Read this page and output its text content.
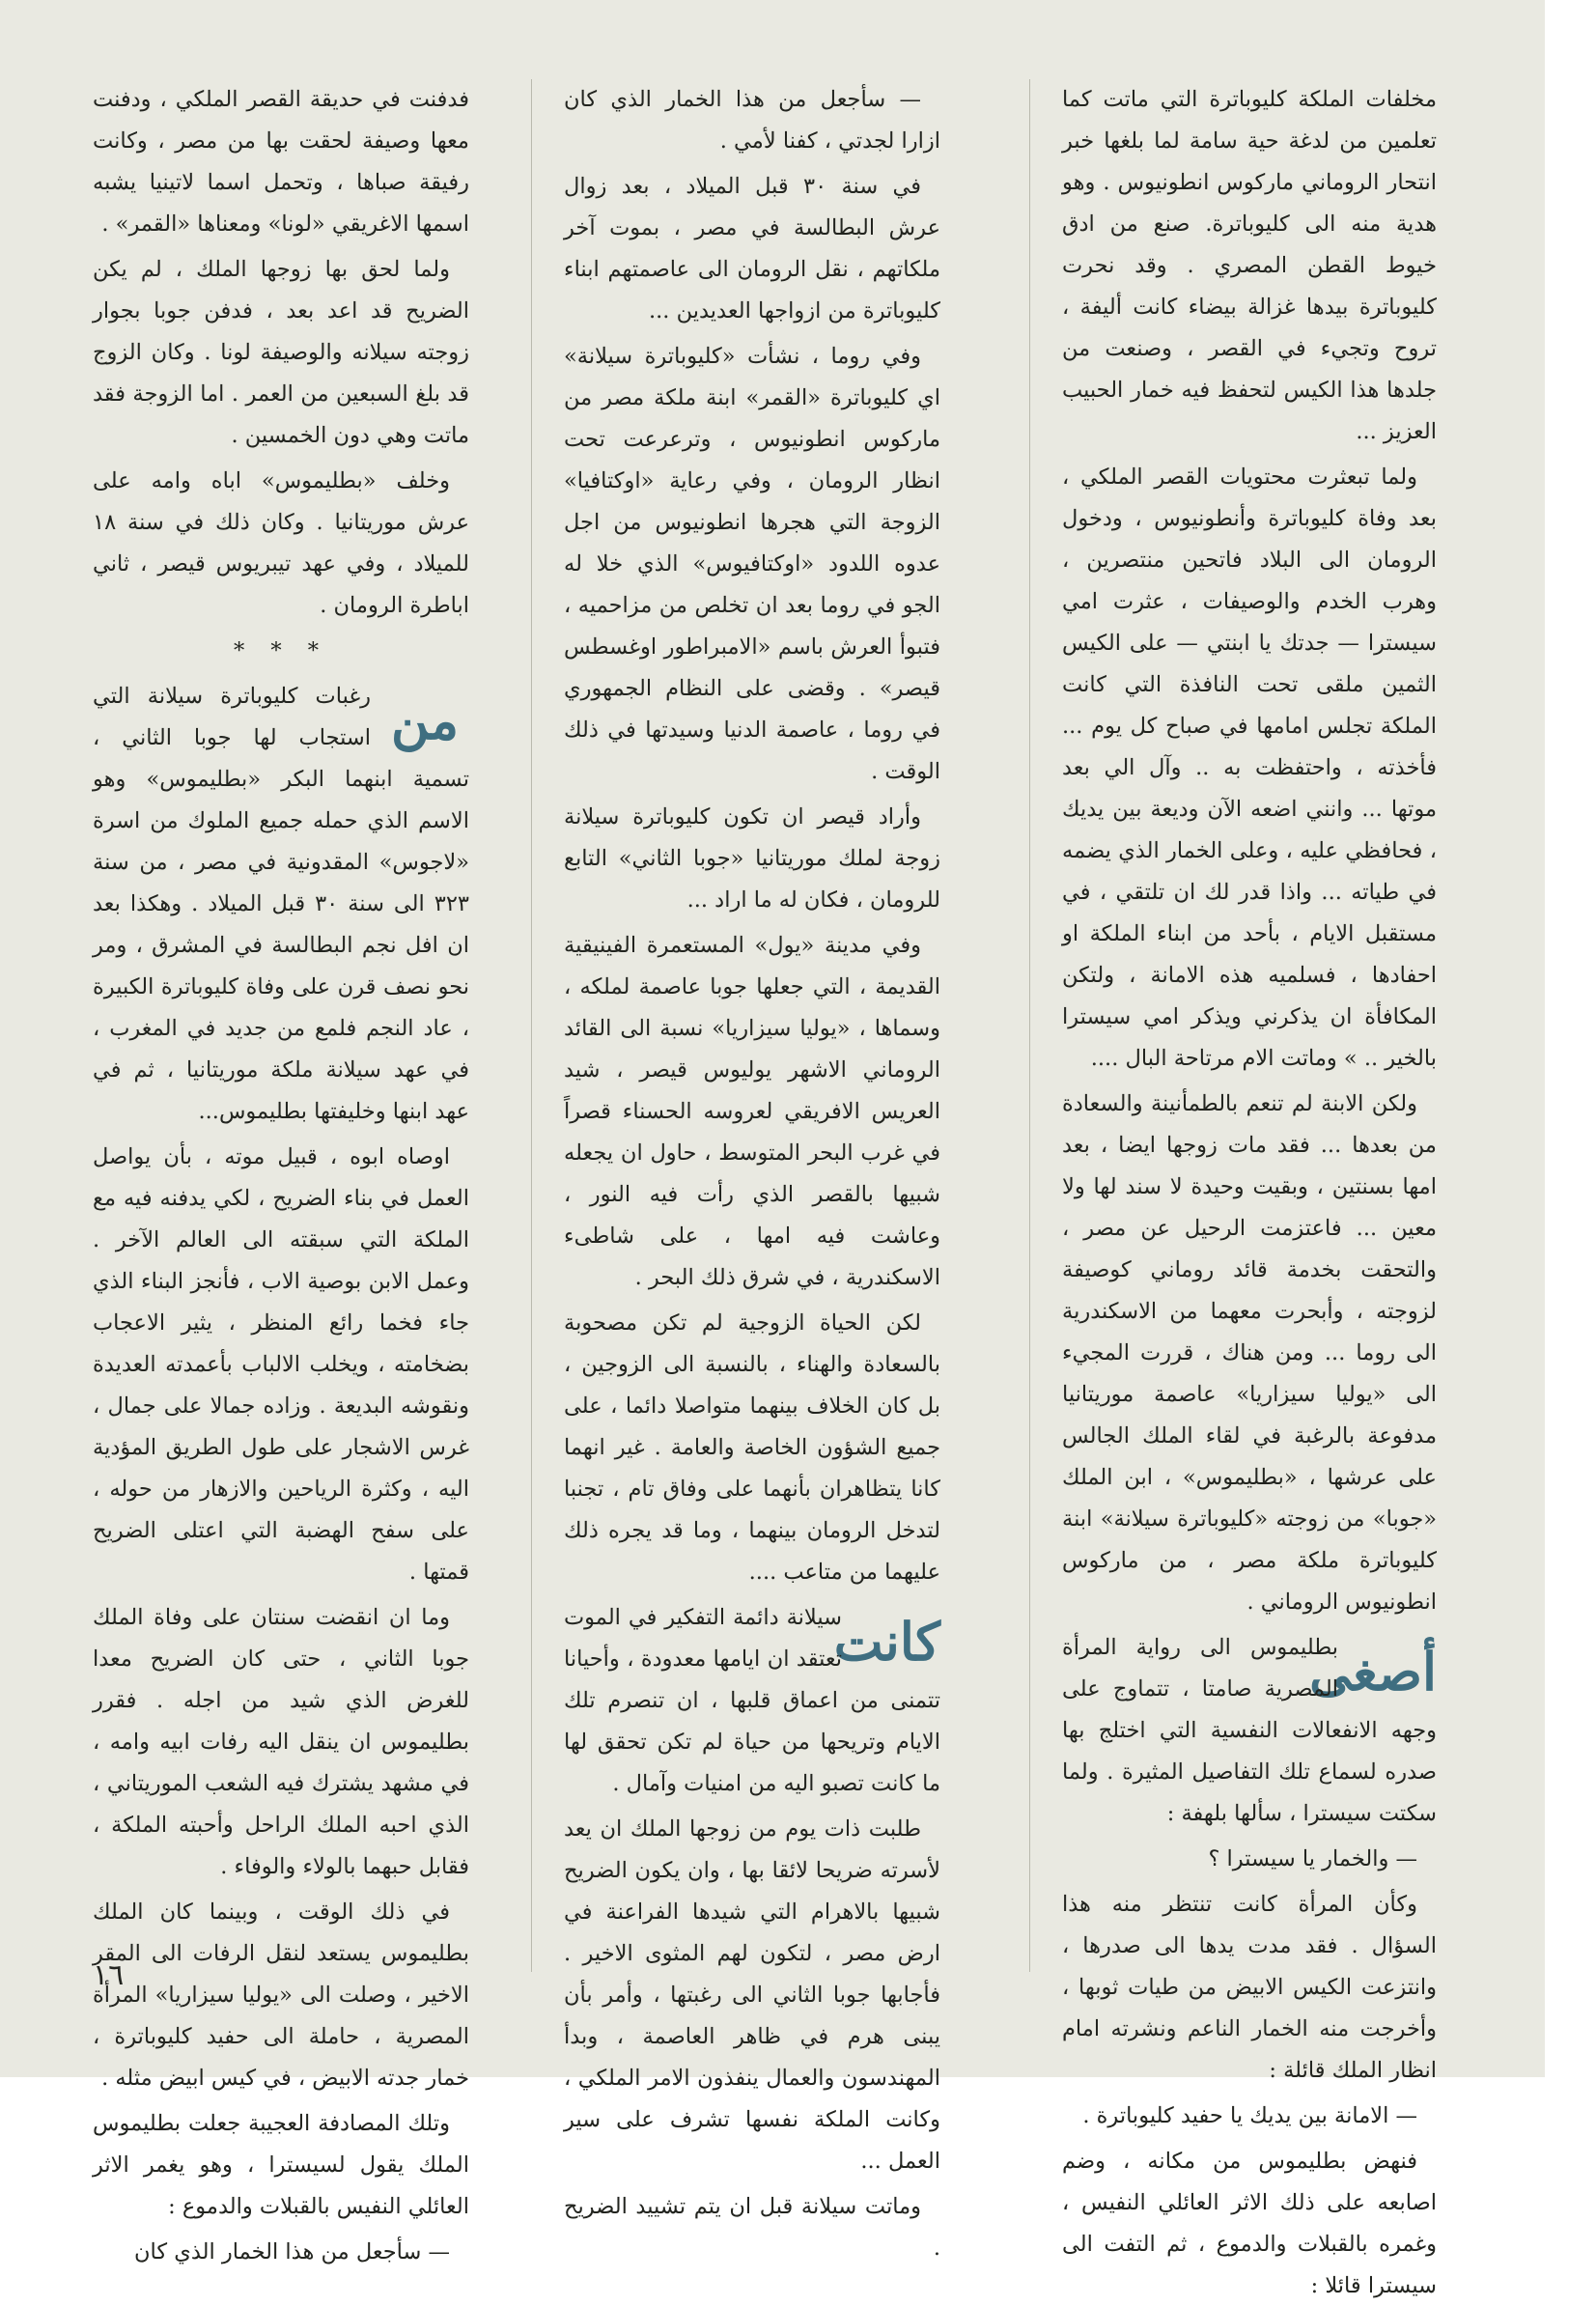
مخلفات الملكة كليوباترة التي ماتت كما تعلمين من لدغة حية سامة لما بلغها خبر انتحار الروماني ماركوس انطونيوس . وهو هدية منه الى كليوباترة. صنع من ادق خيوط القطن المصري . وقد نحرت كليوباترة بيدها غزالة بيضاء كانت أليفة ، تروح وتجيء في القصر ، وصنعت من جلدها هذا الكيس لتحفظ فيه خمار الحبيب العزيز ...

ولما تبعثرت محتويات القصر الملكي ، بعد وفاة كليوباترة وأنطونيوس ، ودخول الرومان الى البلاد فاتحين منتصرين ، وهرب الخدم والوصيفات ، عثرت امي سيسترا — جدتك يا ابنتي — على الكيس الثمين ملقى تحت النافذة التي كانت الملكة تجلس امامها في صباح كل يوم ... فأخذته ، واحتفظت به .. وآل الي بعد موتها ... وانني اضعه الآن وديعة بين يديك ، فحافظي عليه ، وعلى الخمار الذي يضمه في طياته ... واذا قدر لك ان تلتقي ، في مستقبل الايام ، بأحد من ابناء الملكة او احفادها ، فسلميه هذه الامانة ، ولتكن المكافأة ان يذكرني ويذكر امي سيسترا بالخير .. » وماتت الام مرتاحة البال ....

ولكن الابنة لم تنعم بالطمأنينة والسعادة من بعدها ... فقد مات زوجها ايضا ، بعد امها بسنتين ، وبقيت وحيدة لا سند لها ولا معين ... فاعتزمت الرحيل عن مصر ، والتحقت بخدمة قائد روماني كوصيفة لزوجته ، وأبحرت معهما من الاسكندرية الى روما ... ومن هناك ، قررت المجيء الى «يوليا سيزاريا» عاصمة موريتانيا مدفوعة بالرغبة في لقاء الملك الجالس على عرشها ، «بطليموس» ، ابن الملك «جوبا» من زوجته «كليوباترة سيلانة» ابنة كليوباترة ملكة مصر ، من ماركوس انطونيوس الروماني .

أصغى

بطليموس الى رواية المرأة المصرية صامتا ، تتماوج على وجهه الانفعالات النفسية التي اختلج بها صدره لسماع تلك التفاصيل المثيرة . ولما سكتت سيسترا ، سألها بلهفة :

— والخمار يا سيسترا ؟

وكأن المرأة كانت تنتظر منه هذا السؤال . فقد مدت يدها الى صدرها ، وانتزعت الكيس الابيض من طيات ثوبها ، وأخرجت منه الخمار الناعم ونشرته امام انظار الملك قائلة :

— الامانة بين يديك يا حفيد كليوباترة .

فنهض بطليموس من مكانه ، وضم اصابعه على ذلك الاثر العائلي النفيس ، وغمره بالقبلات والدموع ، ثم التفت الى سيسترا قائلا :

— سأجعل من هذا الخمار الذي كان ازارا لجدتي ، كفنا لأمي .

في سنة ٣٠ قبل الميلاد ، بعد زوال عرش البطالسة في مصر ، بموت آخر ملكاتهم ، نقل الرومان الى عاصمتهم ابناء كليوباترة من ازواجها العديدين ...

وفي روما ، نشأت «كليوباترة سيلانة» اي كليوباترة «القمر» ابنة ملكة مصر من ماركوس انطونيوس ، وترعرعت تحت انظار الرومان ، وفي رعاية «اوكتافيا» الزوجة التي هجرها انطونيوس من اجل عدوه اللدود «اوكتافيوس» الذي خلا له الجو في روما بعد ان تخلص من مزاحميه ، فتبوأ العرش باسم «الامبراطور اوغسطس قيصر» . وقضى على النظام الجمهوري في روما ، عاصمة الدنيا وسيدتها في ذلك الوقت .

وأراد قيصر ان تكون كليوباترة سيلانة زوجة لملك موريتانيا «جوبا الثاني» التابع للرومان ، فكان له ما اراد ...

وفي مدينة «يول» المستعمرة الفينيقية القديمة ، التي جعلها جوبا عاصمة لملكه ، وسماها ، «يوليا سيزاريا» نسبة الى القائد الروماني الاشهر يوليوس قيصر ، شيد العريس الافريقي لعروسه الحسناء قصراً في غرب البحر المتوسط ، حاول ان يجعله شبيها بالقصر الذي رأت فيه النور ، وعاشت فيه امها ، على شاطىء الاسكندرية ، في شرق ذلك البحر .

لكن الحياة الزوجية لم تكن مصحوبة بالسعادة والهناء ، بالنسبة الى الزوجين ، بل كان الخلاف بينهما متواصلا دائما ، على جميع الشؤون الخاصة والعامة . غير انهما كانا يتظاهران بأنهما على وفاق تام ، تجنبا لتدخل الرومان بينهما ، وما قد يجره ذلك عليهما من متاعب ....

كانت

سيلانة دائمة التفكير في الموت تعتقد ان ايامها معدودة ، وأحيانا تتمنى من اعماق قلبها ، ان تنصرم تلك الايام وتريحها من حياة لم تكن تحقق لها ما كانت تصبو اليه من امنيات وآمال .

طلبت ذات يوم من زوجها الملك ان يعد لأسرته ضريحا لائقا بها ، وان يكون الضريح شبيها بالاهرام التي شيدها الفراعنة في ارض مصر ، لتكون لهم المثوى الاخير . فأجابها جوبا الثاني الى رغبتها ، وأمر بأن يبنى هرم في ظاهر العاصمة ، وبدأ المهندسون والعمال ينفذون الامر الملكي ، وكانت الملكة نفسها تشرف على سير العمل ...

وماتت سيلانة قبل ان يتم تشييد الضريح .

فدفنت في حديقة القصر الملكي ، ودفنت معها وصيفة لحقت بها من مصر ، وكانت رفيقة صباها ، وتحمل اسما لاتينيا يشبه اسمها الاغريقي «لونا» ومعناها «القمر» .

ولما لحق بها زوجها الملك ، لم يكن الضريح قد اعد بعد ، فدفن جوبا بجوار زوجته سيلانه والوصيفة لونا . وكان الزوج قد بلغ السبعين من العمر . اما الزوجة فقد ماتت وهي دون الخمسين .

وخلف «بطليموس» اباه وامه على عرش موريتانيا . وكان ذلك في سنة ١٨ للميلاد ، وفي عهد تيبريوس قيصر ، ثاني اباطرة الرومان .

* * *

من

رغبات كليوباترة سيلانة التي استجاب لها جوبا الثاني ، تسمية ابنهما البكر «بطليموس» وهو الاسم الذي حمله جميع الملوك من اسرة «لاجوس» المقدونية في مصر ، من سنة ٣٢٣ الى سنة ٣٠ قبل الميلاد . وهكذا بعد ان افل نجم البطالسة في المشرق ، ومر نحو نصف قرن على وفاة كليوباترة الكبيرة ، عاد النجم فلمع من جديد في المغرب ، في عهد سيلانة ملكة موريتانيا ، ثم في عهد ابنها وخليفتها بطليموس...

اوصاه ابوه ، قبيل موته ، بأن يواصل العمل في بناء الضريح ، لكي يدفنه فيه مع الملكة التي سبقته الى العالم الآخر . وعمل الابن بوصية الاب ، فأنجز البناء الذي جاء فخما رائع المنظر ، يثير الاعجاب بضخامته ، ويخلب الالباب بأعمدته العديدة ونقوشه البديعة . وزاده جمالا على جمال ، غرس الاشجار على طول الطريق المؤدية اليه ، وكثرة الرياحين والازهار من حوله ، على سفح الهضبة التي اعتلى الضريح قمتها .

وما ان انقضت سنتان على وفاة الملك جوبا الثاني ، حتى كان الضريح معدا للغرض الذي شيد من اجله . فقرر بطليموس ان ينقل اليه رفات ابيه وامه ، في مشهد يشترك فيه الشعب الموريتاني ، الذي احبه الملك الراحل وأحبته الملكة ، فقابل حبهما بالولاء والوفاء .

في ذلك الوقت ، وبينما كان الملك بطليموس يستعد لنقل الرفات الى المقر الاخير ، وصلت الى «يوليا سيزاريا» المرأة المصرية ، حاملة الى حفيد كليوباترة ، خمار جدته الابيض ، في كيس ابيض مثله .

وتلك المصادفة العجيبة جعلت بطليموس الملك يقول لسيسترا ، وهو يغمر الاثر العائلي النفيس بالقبلات والدموع :

— سأجعل من هذا الخمار الذي كان

١٦
